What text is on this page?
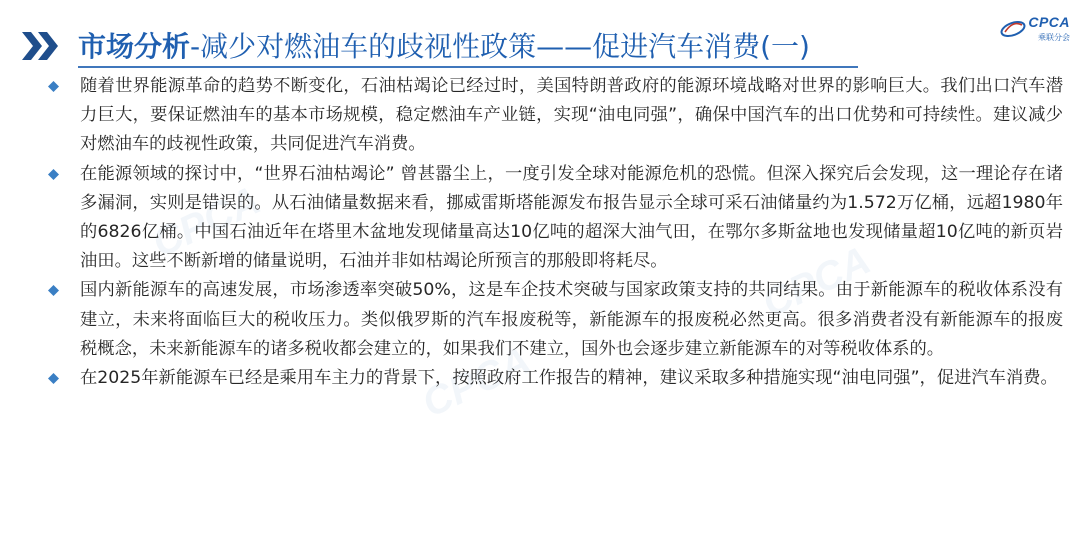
CPCA
CPCA
CPCA
市场分析-减少对燃油车的歧视性政策——促进汽车消费(一)
CPCA
乘联分会
随着世界能源革命的趋势不断变化，石油枯竭论已经过时，美国特朗普政府的能源环境战略对世界的影响巨大。我们出口汽车潜力巨大，要保证燃油车的基本市场规模，稳定燃油车产业链，实现“油电同强”，确保中国汽车的出口优势和可持续性。建议减少对燃油车的歧视性政策，共同促进汽车消费。
在能源领域的探讨中，“世界石油枯竭论” 曾甚嚣尘上，一度引发全球对能源危机的恐慌。但深入探究后会发现，这一理论存在诸多漏洞，实则是错误的。从石油储量数据来看，挪威雷斯塔能源发布报告显示全球可采石油储量约为1.572万亿桶，远超1980年的6826亿桶。中国石油近年在塔里木盆地发现储量高达10亿吨的超深大油气田，在鄂尔多斯盆地也发现储量超10亿吨的新页岩油田。这些不断新增的储量说明，石油并非如枯竭论所预言的那般即将耗尽。
国内新能源车的高速发展，市场渗透率突破50%，这是车企技术突破与国家政策支持的共同结果。由于新能源车的税收体系没有建立，未来将面临巨大的税收压力。类似俄罗斯的汽车报废税等，新能源车的报废税必然更高。很多消费者没有新能源车的报废税概念，未来新能源车的诸多税收都会建立的，如果我们不建立，国外也会逐步建立新能源车的对等税收体系的。
在2025年新能源车已经是乘用车主力的背景下，按照政府工作报告的精神，建议采取多种措施实现“油电同强”，促进汽车消费。
